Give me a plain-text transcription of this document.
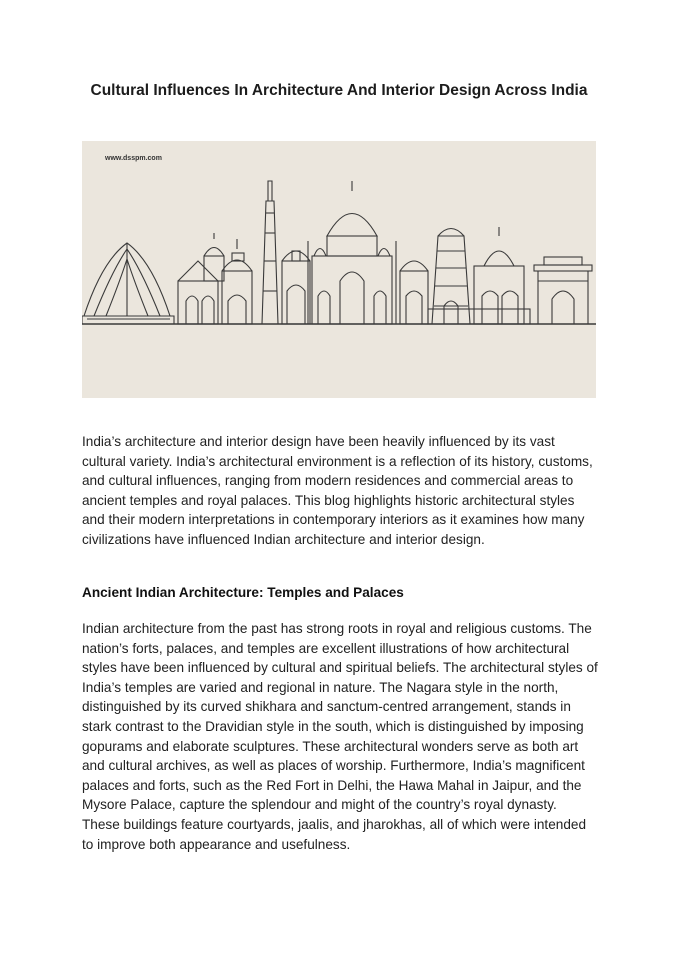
Cultural Influences In Architecture And Interior Design Across India
www.dsspm.com

India’s architecture and interior design have been heavily influenced by its vast cultural variety. India’s architectural environment is a reflection of its history, customs, and cultural influences, ranging from modern residences and commercial areas to ancient temples and royal palaces. This blog highlights historic architectural styles and their modern interpretations in contemporary interiors as it examines how many civilizations have influenced Indian architecture and interior design.

Ancient Indian Architecture: Temples and Palaces

Indian architecture from the past has strong roots in royal and religious customs. The nation’s forts, palaces, and temples are excellent illustrations of how architectural styles have been influenced by cultural and spiritual beliefs. The architectural styles of India’s temples are varied and regional in nature. The Nagara style in the north, distinguished by its curved shikhara and sanctum-centred arrangement, stands in stark contrast to the Dravidian style in the south, which is distinguished by imposing gopurams and elaborate sculptures. These architectural wonders serve as both art and cultural archives, as well as places of worship. Furthermore, India’s magnificent palaces and forts, such as the Red Fort in Delhi, the Hawa Mahal in Jaipur, and the Mysore Palace, capture the splendour and might of the country’s royal dynasty. These buildings feature courtyards, jaalis, and jharokhas, all of which were intended to improve both appearance and usefulness.
